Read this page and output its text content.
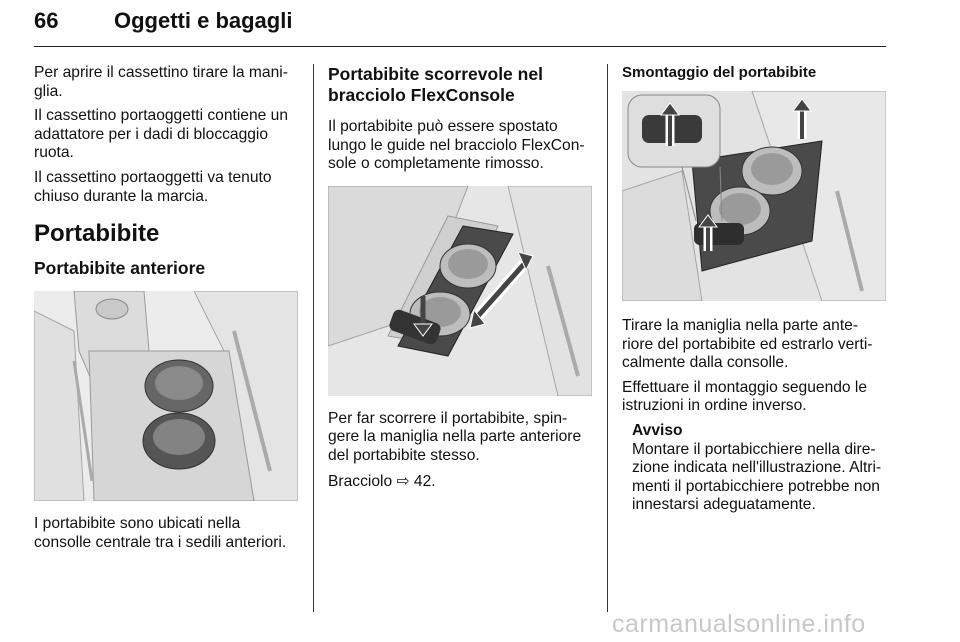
66	Oggetti e bagagli

Per aprire il cassettino tirare la mani-glia.

Il cassettino portaoggetti contiene un adattatore per i dadi di bloccaggio ruota.

Il cassettino portaoggetti va tenuto chiuso durante la marcia.

Portabibite
Portabibite anteriore

I portabibite sono ubicati nella consolle centrale tra i sedili anteriori.

Portabibite scorrevole nel bracciolo FlexConsole

Il portabibite può essere spostato lungo le guide nel bracciolo FlexCon-sole o completamente rimosso.

Per far scorrere il portabibite, spin-gere la maniglia nella parte anteriore del portabibite stesso.

Bracciolo ⇨ 42.

Smontaggio del portabibite

Tirare la maniglia nella parte ante-riore del portabibite ed estrarlo verti-calmente dalla consolle.

Effettuare il montaggio seguendo le istruzioni in ordine inverso.

Avviso

Montare il portabicchiere nella dire-zione indicata nell'illustrazione. Altri-menti il portabicchiere potrebbe non innestarsi adeguatamente.

carmanualsonline.info
